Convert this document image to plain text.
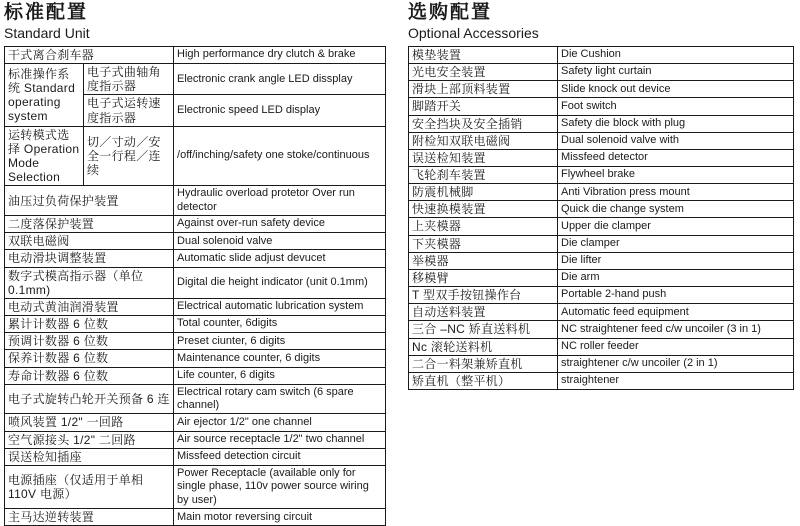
标准配置
Standard Unit
干式离合刹车器		High performance dry clutch & brake
标准操作系统 Standard operating system	电子式曲轴角度指示器	Electronic crank angle LED dissplay
	电子式运转速度指示器	Electronic speed LED display
运转模式选择 Operation Mode Selection	切／寸动／安全一行程／连续	/off/inching/safety one stoke/continuous
油压过负荷保护装置		Hydraulic overload protetor Over run detector
二度落保护装置		Against over-run safety device
双联电磁阀		Dual solenoid valve
电动滑块调整装置		Automatic slide adjust devucet
数字式模高指示器（单位 0.1mm)		Digital die height indicator (unit 0.1mm)
电动式黄油润滑装置		Electrical automatic lubrication system
累计计数器 6 位数		Total counter, 6digits
预调计数器 6 位数		Preset ciunter, 6 digits
保养计数器 6 位数		Maintenance counter, 6 digits
寿命计数器 6 位数		Life counter, 6 digits
电子式旋转凸轮开关预备 6 连		Electrical rotary cam switch (6 spare channel)
喷风装置 1/2" 一回路		Air ejector 1/2" one channel
空气源接头 1/2" 二回路		Air source receptacle 1/2" two channel
误送检知插座		Missfeed detection circuit
电源插座（仅适用于单相 110V 电源）		Power Receptacle (available only for single phase, 110v power source wiring by user)
主马达逆转装置		Main motor reversing circuit
选购配置
Optional Accessories
模垫装置	Die Cushion
光电安全装置	Safety light curtain
滑块上部顶料装置	Slide knock out device
脚踏开关	Foot switch
安全挡块及安全插销	Safety die block with plug
附检知双联电磁阀	Dual solenoid valve with
误送检知装置	Missfeed detector
飞轮刹车装置	Flywheel brake
防震机械脚	Anti Vibration press mount
快速换模装置	Quick die change system
上夹模器	Upper die clamper
下夹模器	Die clamper
举模器	Die lifter
移模臂	Die arm
T 型双手按钮操作台	Portable 2-hand push
自动送料装置	Automatic feed equipment
三合 –NC 矫直送料机	NC straightener feed c/w uncoiler (3 in 1)
Nc 滚轮送料机	NC roller feeder
二合一料架兼矫直机	straightener c/w uncoiler (2 in 1)
矫直机（整平机）	straightener
